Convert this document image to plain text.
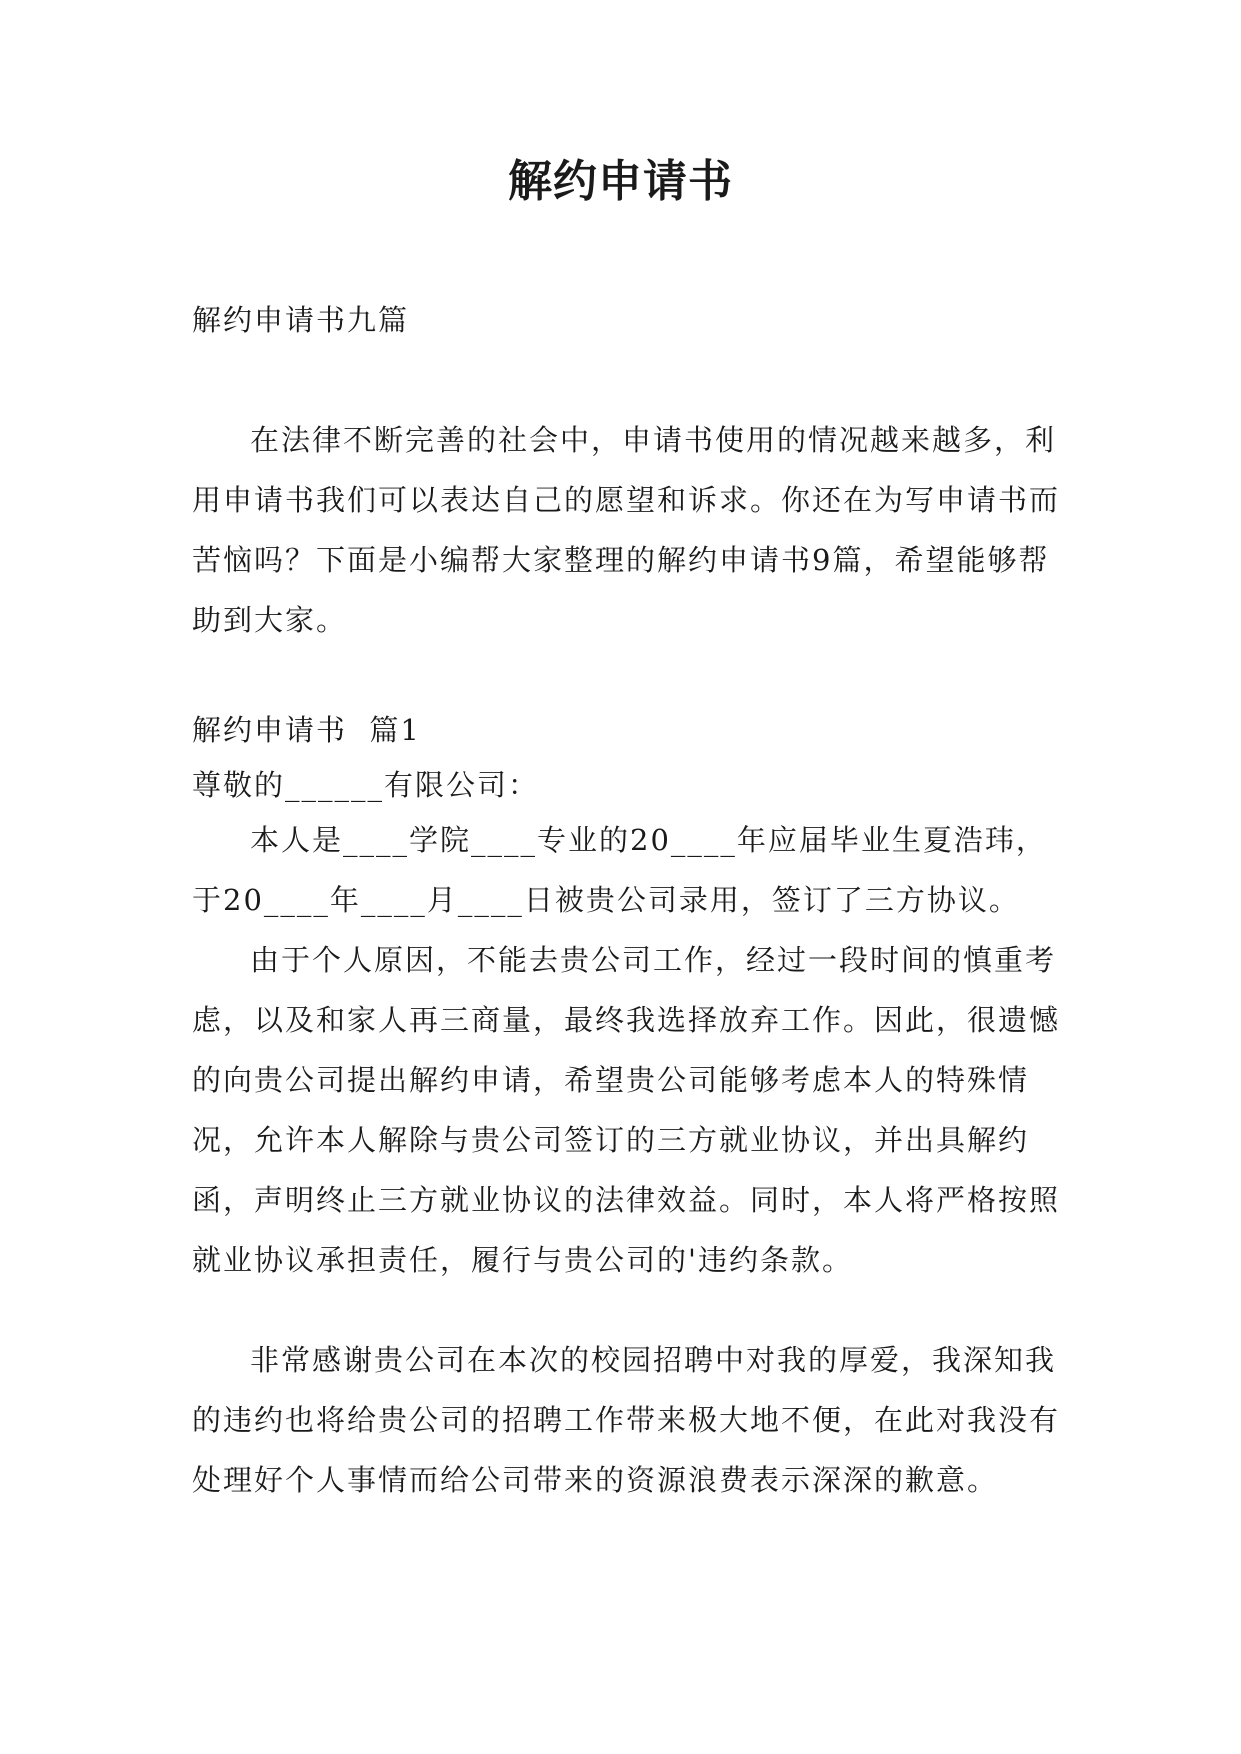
解约申请书

解约申请书九篇

在法律不断完善的社会中，申请书使用的情况越来越多，利用申请书我们可以表达自己的愿望和诉求。你还在为写申请书而苦恼吗？下面是小编帮大家整理的解约申请书9篇，希望能够帮助到大家。

解约申请书  篇1

尊敬的______有限公司：

本人是____学院____专业的20____年应届毕业生夏浩玮，于20____年____月____日被贵公司录用，签订了三方协议。

由于个人原因，不能去贵公司工作，经过一段时间的慎重考虑，以及和家人再三商量，最终我选择放弃工作。因此，很遗憾的向贵公司提出解约申请，希望贵公司能够考虑本人的特殊情况，允许本人解除与贵公司签订的三方就业协议，并出具解约函，声明终止三方就业协议的法律效益。同时，本人将严格按照就业协议承担责任，履行与贵公司的'违约条款。

非常感谢贵公司在本次的校园招聘中对我的厚爱，我深知我的违约也将给贵公司的招聘工作带来极大地不便，在此对我没有处理好个人事情而给公司带来的资源浪费表示深深的歉意。
